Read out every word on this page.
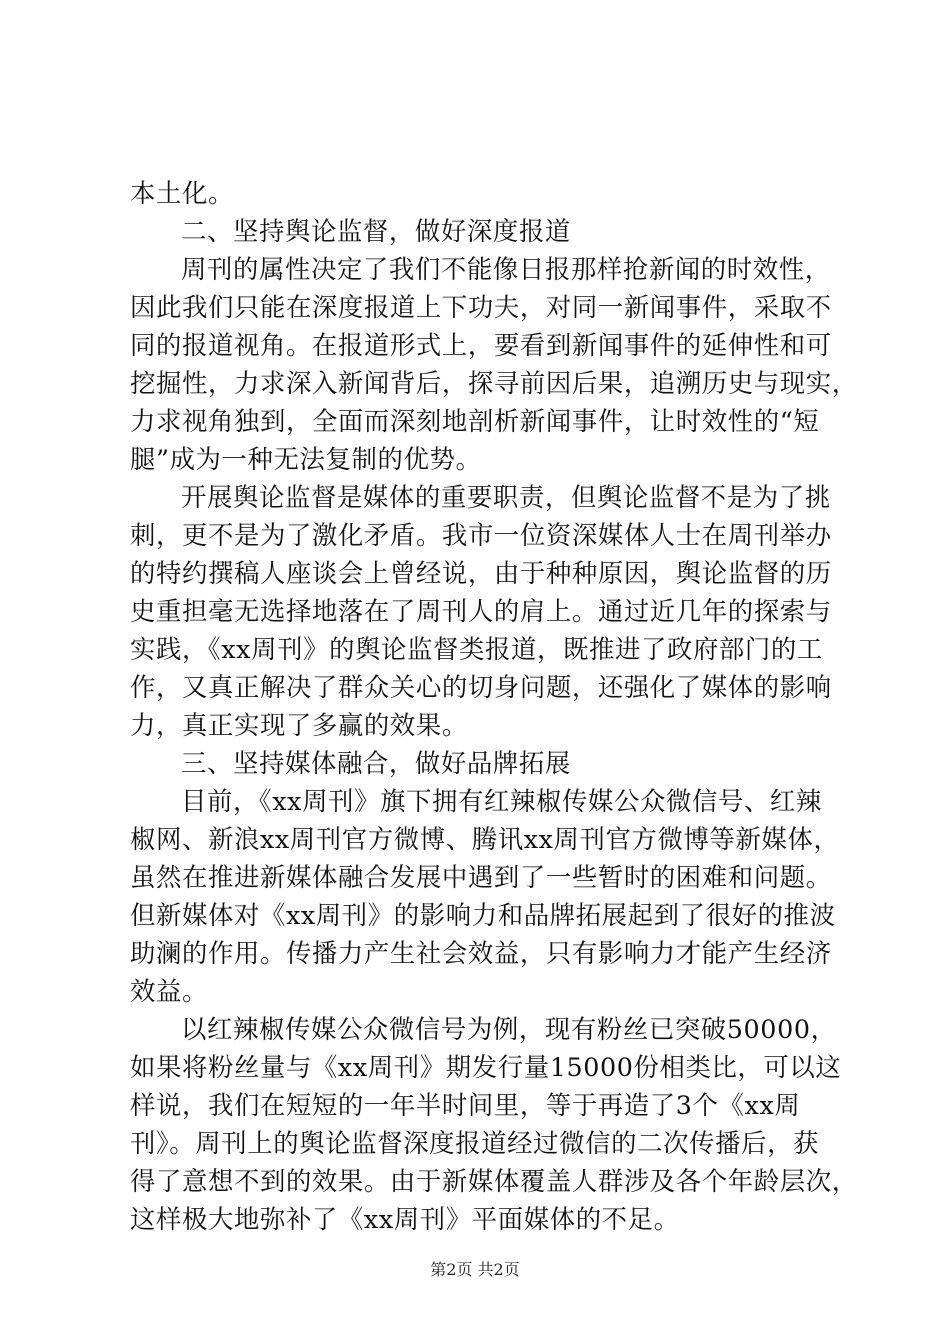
本土化。
二、坚持舆论监督，做好深度报道
周刊的属性决定了我们不能像日报那样抢新闻的时效性，
因此我们只能在深度报道上下功夫，对同一新闻事件，采取不
同的报道视角。在报道形式上，要看到新闻事件的延伸性和可
挖掘性，力求深入新闻背后，探寻前因后果，追溯历史与现实，
力求视角独到，全面而深刻地剖析新闻事件，让时效性的“短
腿”成为一种无法复制的优势。
开展舆论监督是媒体的重要职责，但舆论监督不是为了挑
刺，更不是为了激化矛盾。我市一位资深媒体人士在周刊举办
的特约撰稿人座谈会上曾经说，由于种种原因，舆论监督的历
史重担毫无选择地落在了周刊人的肩上。通过近几年的探索与
实践，《xx周刊》的舆论监督类报道，既推进了政府部门的工
作，又真正解决了群众关心的切身问题，还强化了媒体的影响
力，真正实现了多赢的效果。
三、坚持媒体融合，做好品牌拓展
目前，《xx周刊》旗下拥有红辣椒传媒公众微信号、红辣
椒网、新浪xx周刊官方微博、腾讯xx周刊官方微博等新媒体，
虽然在推进新媒体融合发展中遇到了一些暂时的困难和问题。
但新媒体对《xx周刊》的影响力和品牌拓展起到了很好的推波
助澜的作用。传播力产生社会效益，只有影响力才能产生经济
效益。
以红辣椒传媒公众微信号为例，现有粉丝已突破50000，
如果将粉丝量与《xx周刊》期发行量15000份相类比，可以这
样说，我们在短短的一年半时间里，等于再造了3个《xx周
刊》。周刊上的舆论监督深度报道经过微信的二次传播后，获
得了意想不到的效果。由于新媒体覆盖人群涉及各个年龄层次，
这样极大地弥补了《xx周刊》平面媒体的不足。
第2页 共2页
